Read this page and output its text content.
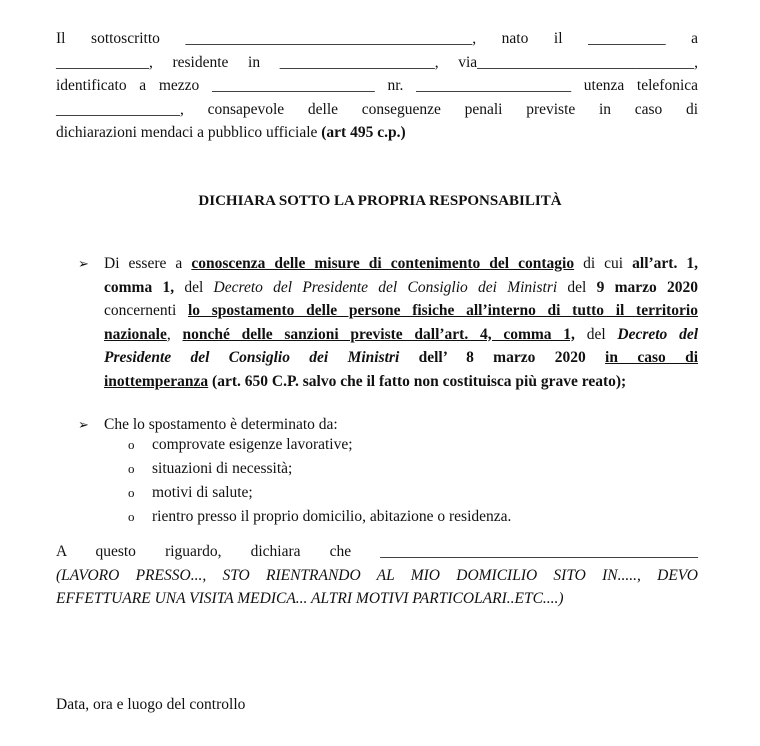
Il sottoscritto _____________________________________, nato il __________ a
____________, residente in ____________________, via____________________________,
identificato a mezzo _____________________ nr. ____________________ utenza telefonica
________________, consapevole delle conseguenze penali previste in caso di
dichiarazioni mendaci a pubblico ufficiale (art 495 c.p.)
DICHIARA SOTTO LA PROPRIA RESPONSABILITÀ
➢ Di essere a conoscenza delle misure di contenimento del contagio di cui all’art. 1,
comma 1, del Decreto del Presidente del Consiglio dei Ministri del 9 marzo 2020
concernenti lo spostamento delle persone fisiche all’interno di tutto il territorio
nazionale, nonché delle sanzioni previste dall’art. 4, comma 1, del Decreto del
Presidente del Consiglio dei Ministri dell’ 8 marzo 2020 in caso di
inottemperanza (art. 650 C.P. salvo che il fatto non costituisca più grave reato);
➢ Che lo spostamento è determinato da:
o comprovate esigenze lavorative;
o situazioni di necessità;
o motivi di salute;
o rientro presso il proprio domicilio, abitazione o residenza.
A questo riguardo, dichiara che _________________________________________
(LAVORO PRESSO..., STO RIENTRANDO AL MIO DOMICILIO SITO IN....., DEVO
EFFETTUARE UNA VISITA MEDICA... ALTRI MOTIVI PARTICOLARI..ETC....)
Data, ora e luogo del controllo
